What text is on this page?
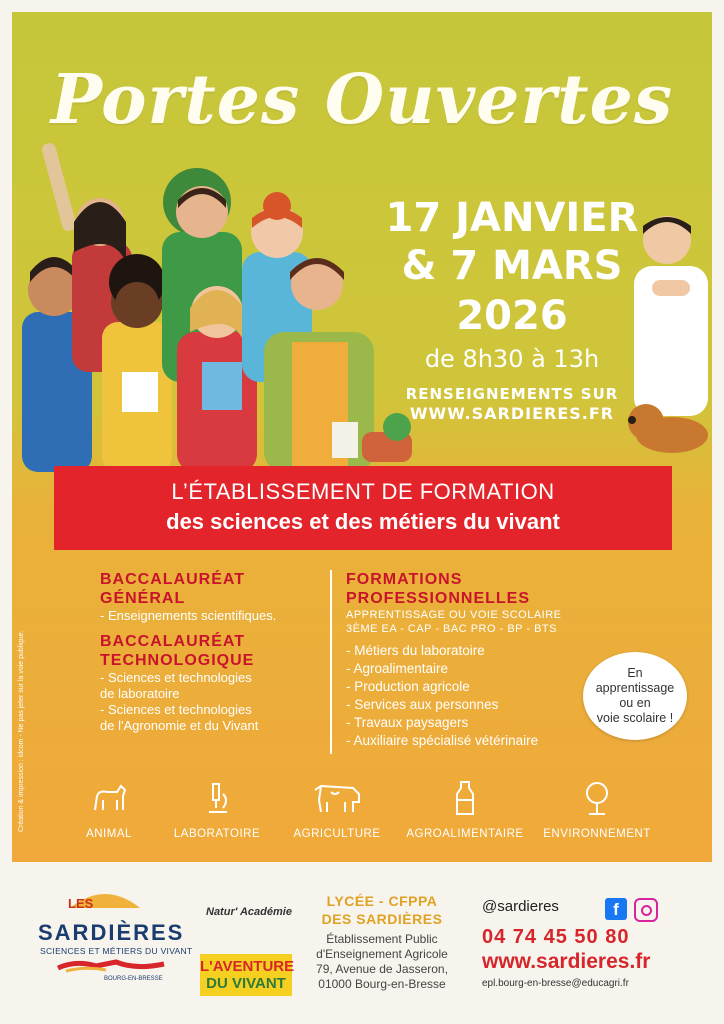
Portes Ouvertes
17 JANVIER
& 7 MARS
2026
de 8h30 à 13h
RENSEIGNEMENTS SUR
WWW.SARDIERES.FR
L’ÉTABLISSEMENT DE FORMATION
des sciences et des métiers du vivant
Création & impression : idcom - Ne pas jeter sur la voie publique.
BACCALAURÉAT
GÉNÉRAL
- Enseignements scientifiques.
BACCALAURÉAT
TECHNOLOGIQUE
- Sciences et technologies
de laboratoire
- Sciences et technologies
de l'Agronomie et du Vivant
FORMATIONS
PROFESSIONNELLES
APPRENTISSAGE OU VOIE SCOLAIRE
3ÈME EA - CAP - BAC PRO - BP - BTS
- Métiers du laboratoire
- Agroalimentaire
- Production agricole
- Services aux personnes
- Travaux paysagers
- Auxiliaire spécialisé vétérinaire
En
apprentissage
ou en
voie scolaire !
ANIMAL	LABORATOIRE	AGRICULTURE	AGROALIMENTAIRE	ENVIRONNEMENT
LES
SARDIÈRES
SCIENCES ET MÉTIERS DU VIVANT
BOURG-EN-BRESSE
Natur' Académie
L'AVENTURE
DU VIVANT
LYCÉE - CFPPA
DES SARDIÈRES
Établissement Public
d'Enseignement Agricole
79, Avenue de Jasseron,
01000 Bourg-en-Bresse
@sardieres	f
04 74 45 50 80
www.sardieres.fr
epl.bourg-en-bresse@educagri.fr
